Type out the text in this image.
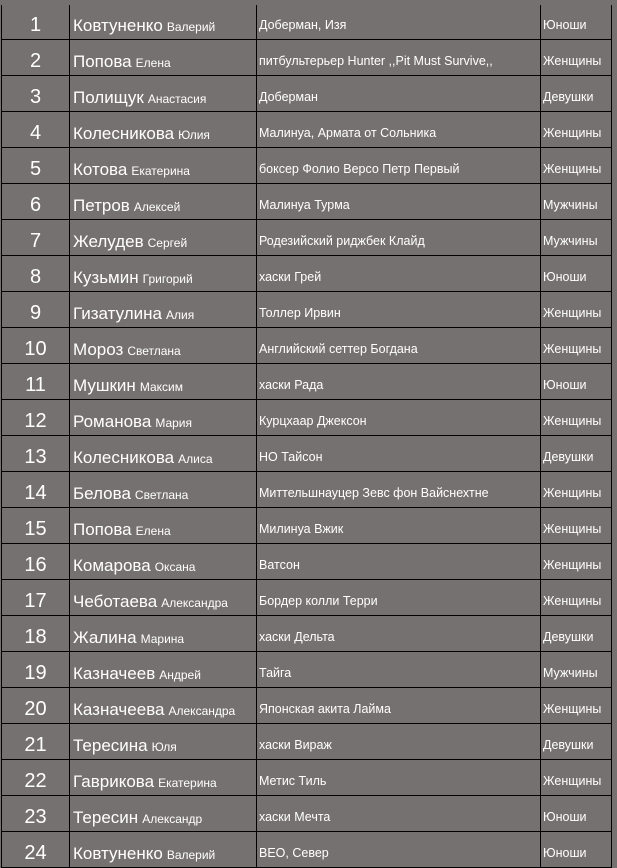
1	Ковтуненко Валерий	Доберман, Изя	Юноши
2	Попова Елена	питбультерьер Hunter ,,Pit Must Survive,,	Женщины
3	Полищук Анастасия	Доберман	Девушки
4	Колесникова Юлия	Малинуа, Армата от Сольника	Женщины
5	Котова Екатерина	боксер Фолио Версо Петр Первый	Женщины
6	Петров Алексей	Малинуа Турма	Мужчины
7	Желудев Сергей	Родезийский риджбек Клайд	Мужчины
8	Кузьмин Григорий	хаски Грей	Юноши
9	Гизатулина Алия	Толлер Ирвин	Женщины
10	Мороз Светлана	Английский сеттер Богдана	Женщины
11	Мушкин Максим	хаски Рада	Юноши
12	Романова Мария	Курцхаар Джексон	Женщины
13	Колесникова Алиса	НО Тайсон	Девушки
14	Белова Светлана	Миттельшнауцер Зевс фон Вайснехтне	Женщины
15	Попова Елена	Милинуа Вжик	Женщины
16	Комарова Оксана	Ватсон	Женщины
17	Чеботаева Александра	Бордер колли Терри	Женщины
18	Жалина Марина	хаски Дельта	Девушки
19	Казначеев Андрей	Тайга	Мужчины
20	Казначеева Александра	Японская акита Лайма	Женщины
21	Тересина Юля	хаски Вираж	Девушки
22	Гаврикова Екатерина	Метис Тиль	Женщины
23	Тересин Александр	хаски Мечта	Юноши
24	Ковтуненко Валерий	BEO, Север	Юноши
